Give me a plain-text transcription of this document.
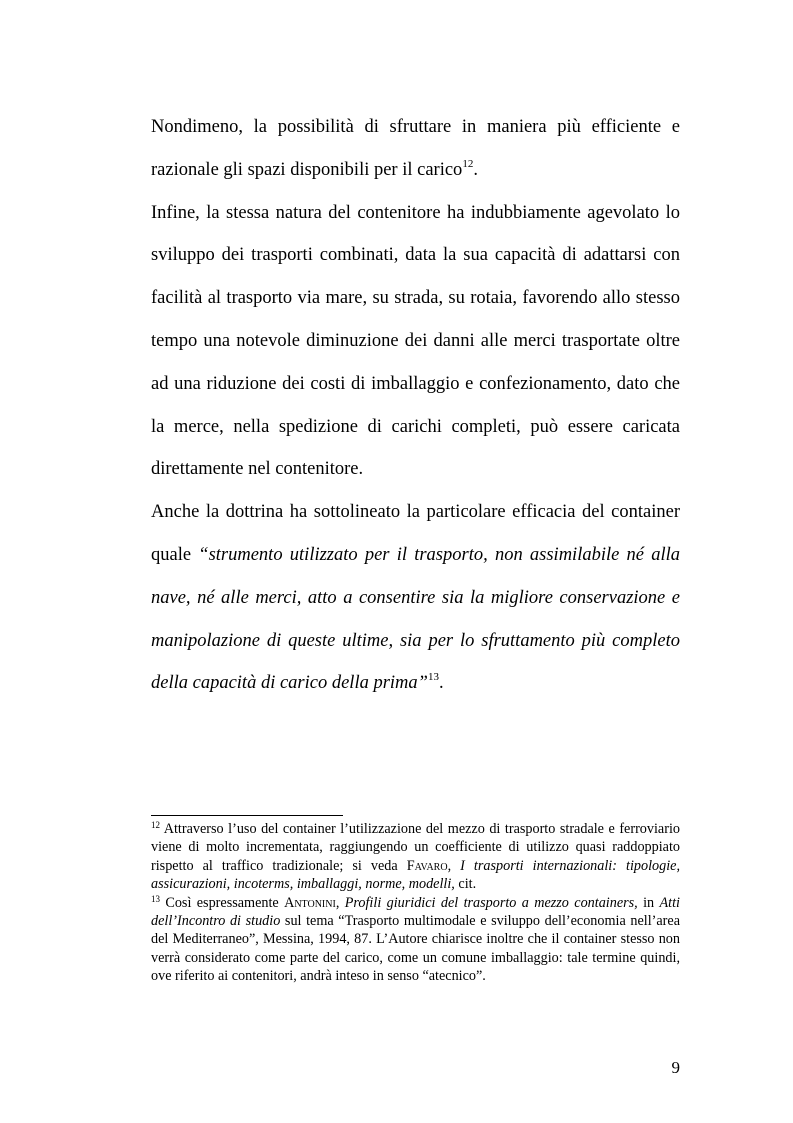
Nondimeno, la possibilità di sfruttare in maniera più efficiente e razionale gli spazi disponibili per il carico$^{12}$.

Infine, la stessa natura del contenitore ha indubbiamente agevolato lo sviluppo dei trasporti combinati, data la sua capacità di adattarsi con facilità al trasporto via mare, su strada, su rotaia, favorendo allo stesso tempo una notevole diminuzione dei danni alle merci trasportate oltre ad una riduzione dei costi di imballaggio e confezionamento, dato che la merce, nella spedizione di carichi completi, può essere caricata direttamente nel contenitore.

Anche la dottrina ha sottolineato la particolare efficacia del container quale “strumento utilizzato per il trasporto, non assimilabile né alla nave, né alle merci, atto a consentire sia la migliore conservazione e manipolazione di queste ultime, sia per lo sfruttamento più completo della capacità di carico della prima”$^{13}$.

$^{12}$ Attraverso l’uso del container l’utilizzazione del mezzo di trasporto stradale e ferroviario viene di molto incrementata, raggiungendo un coefficiente di utilizzo quasi raddoppiato rispetto al traffico tradizionale; si veda Favaro, I trasporti internazionali: tipologie, assicurazioni, incoterms, imballaggi, norme, modelli, cit.

$^{13}$ Così espressamente Antonini, Profili giuridici del trasporto a mezzo containers, in Atti dell’Incontro di studio sul tema “Trasporto multimodale e sviluppo dell’economia nell’area del Mediterraneo”, Messina, 1994, 87. L’Autore chiarisce inoltre che il container stesso non verrà considerato come parte del carico, come un comune imballaggio: tale termine quindi, ove riferito ai contenitori, andrà inteso in senso “atecnico”.

9
